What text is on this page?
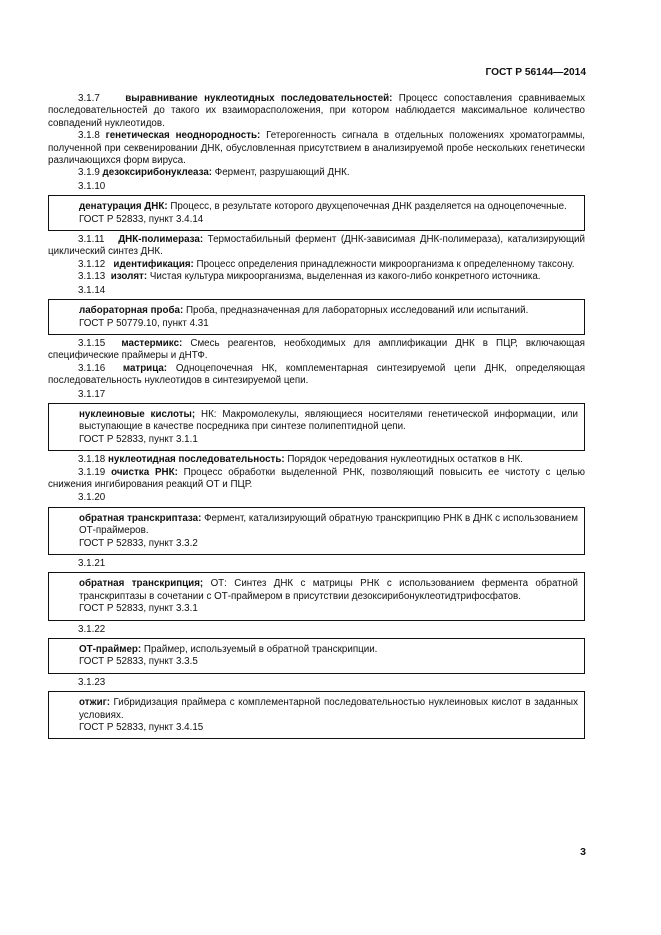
ГОСТ Р 56144—2014

3.1.7	выравнивание нуклеотидных последовательностей: Процесс сопоставления сравниваемых последовательностей до такого их взаиморасположения, при котором наблюдается максимальное количество совпадений нуклеотидов.

3.1.8 генетическая неоднородность: Гетерогенность сигнала в отдельных положениях хроматограммы, полученной при секвенировании ДНК, обусловленная присутствием в анализируемой пробе нескольких генетически различающихся форм вируса.

3.1.9 дезоксирибонуклеаза: Фермент, разрушающий ДНК.

3.1.10

денатурация ДНК: Процесс, в результате которого двухцепочечная ДНК разделяется на одноцепочечные.

ГОСТ Р 52833, пункт 3.4.14

3.1.11 ДНК-полимераза: Термостабильный фермент (ДНК-зависимая ДНК-полимераза), катализирующий циклический синтез ДНК.

3.1.12 идентификация: Процесс определения принадлежности микроорганизма к определенному таксону.

3.1.13 изолят: Чистая культура микроорганизма, выделенная из какого-либо конкретного источника.

3.1.14

лабораторная проба: Проба, предназначенная для лабораторных исследований или испытаний.

ГОСТ Р 50779.10, пункт 4.31

3.1.15 мастермикс: Смесь реагентов, необходимых для амплификации ДНК в ПЦР, включающая специфические праймеры и дНТФ.

3.1.16 матрица: Одноцепочечная НК, комплементарная синтезируемой цепи ДНК, определяющая последовательность нуклеотидов в синтезируемой цепи.

3.1.17

нуклеиновые кислоты; НК: Макромолекулы, являющиеся носителями генетической информации, или выступающие в качестве посредника при синтезе полипептидной цепи.

ГОСТ Р 52833, пункт 3.1.1

3.1.18 нуклеотидная последовательность: Порядок чередования нуклеотидных остатков в НК.

3.1.19 очистка РНК: Процесс обработки выделенной РНК, позволяющий повысить ее чистоту с целью снижения ингибирования реакций ОТ и ПЦР.

3.1.20

обратная транскриптаза: Фермент, катализирующий обратную транскрипцию РНК в ДНК с использованием ОТ-праймеров.

ГОСТ Р 52833, пункт 3.3.2

3.1.21

обратная транскрипция; ОТ: Синтез ДНК с матрицы РНК с использованием фермента обратной транскриптазы в сочетании с ОТ-праймером в присутствии дезоксирибонуклеотидтрифосфатов.

ГОСТ Р 52833, пункт 3.3.1

3.1.22

ОТ-праймер: Праймер, используемый в обратной транскрипции.

ГОСТ Р 52833, пункт 3.3.5

3.1.23

отжиг: Гибридизация праймера с комплементарной последовательностью нуклеиновых кислот в заданных условиях.

ГОСТ Р 52833, пункт 3.4.15

3
